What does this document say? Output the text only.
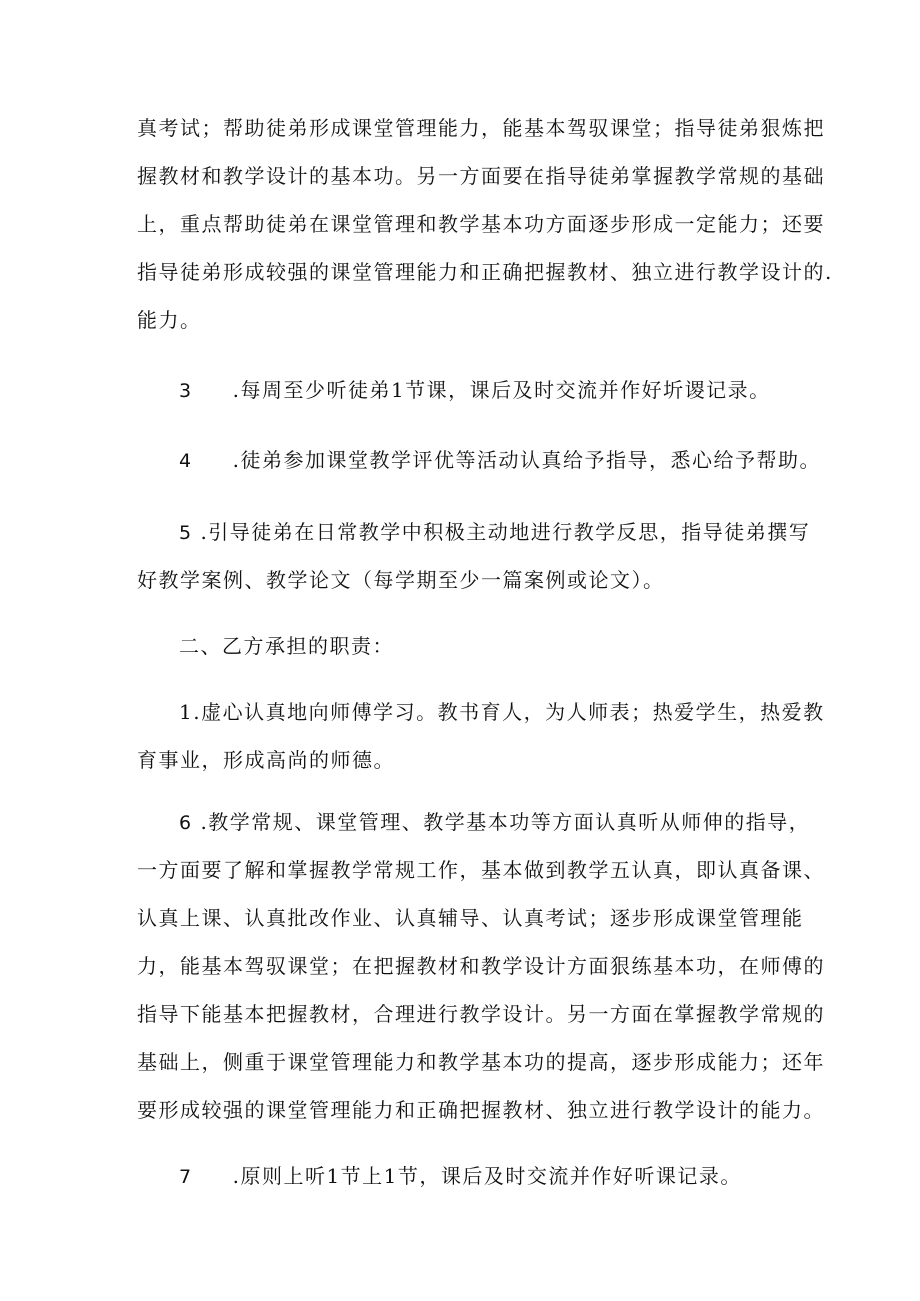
真考试；帮助徒弟形成课堂管理能力，能基本驾驭课堂；指导徒弟狠炼把
握教材和教学设计的基本功。另一方面要在指导徒弟掌握教学常规的基础
上，重点帮助徒弟在课堂管理和教学基本功方面逐步形成一定能力；还要
指导徒弟形成较强的课堂管理能力和正确把握教材、独立进行教学设计的.
能力。
3 .每周至少听徒弟1节课，课后及时交流并作好圻谡记录。
4 .徒弟参加课堂教学评优等活动认真给予指导，悉心给予帮助。
5 .引导徒弟在日常教学中积极主动地进行教学反思，指导徒弟撰写
好教学案例、教学论文（每学期至少一篇案例或论文）。
二、乙方承担的职责：
1.虚心认真地向师傅学习。教书育人，为人师表；热爱学生，热爱教
育事业，形成高尚的师德。
6 .教学常规、课堂管理、教学基本功等方面认真听从师伸的指导，
一方面要了解和掌握教学常规工作，基本做到教学五认真，即认真备课、
认真上课、认真批改作业、认真辅导、认真考试；逐步形成课堂管理能
力，能基本驾驭课堂；在把握教材和教学设计方面狠练基本功，在师傅的
指导下能基本把握教材，合理进行教学设计。另一方面在掌握教学常规的
基础上，侧重于课堂管理能力和教学基本功的提高，逐步形成能力；还年
要形成较强的课堂管理能力和正确把握教材、独立进行教学设计的能力。
7 .原则上听1节上1节，课后及时交流并作好听课记录。
